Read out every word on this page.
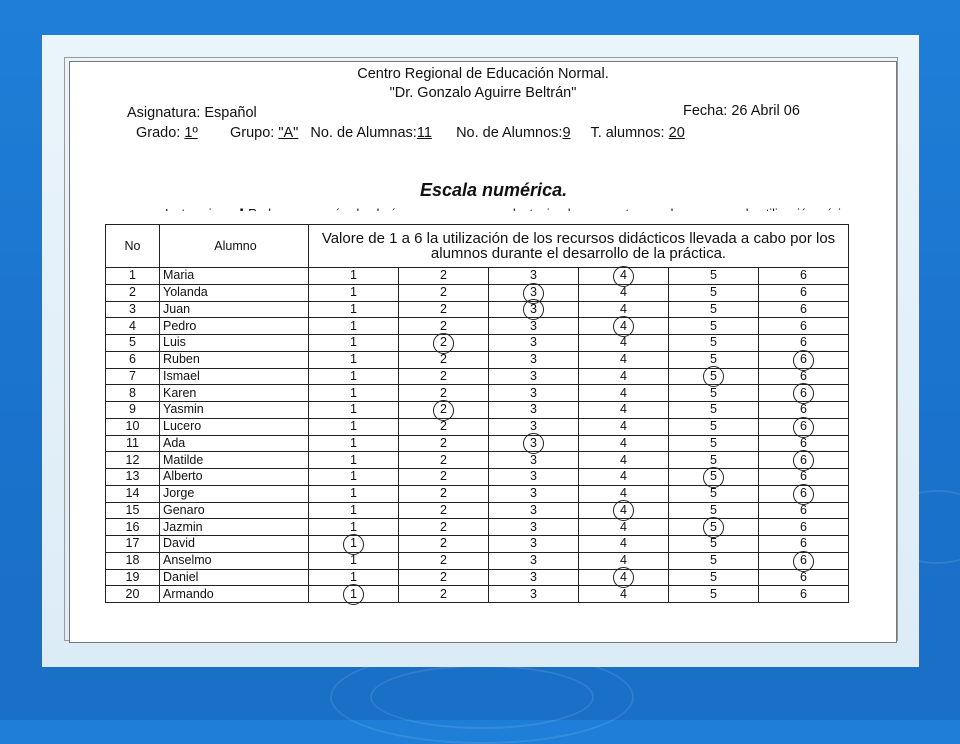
Centro Regional de Educación Normal.
"Dr. Gonzalo Aguirre Beltrán"
Asignatura: Español	Fecha: 26 Abril 06
Grado: 1º Grupo: "A" No. de Alumnas:11 No. de Alumnos:9 T. alumnos: 20
Escala numérica.
No	Alumno	Valore de 1 a 6 la utilización de los recursos didácticos llevada a cabo por los alumnos durante el desarrollo de la práctica.					
1	Maria	1	2	3	4	5	6
2	Yolanda	1	2	3	4	5	6
3	Juan	1	2	3	4	5	6
4	Pedro	1	2	3	4	5	6
5	Luis	1	2	3	4	5	6
6	Ruben	1	2	3	4	5	6
7	Ismael	1	2	3	4	5	6
8	Karen	1	2	3	4	5	6
9	Yasmin	1	2	3	4	5	6
10	Lucero	1	2	3	4	5	6
11	Ada	1	2	3	4	5	6
12	Matilde	1	2	3	4	5	6
13	Alberto	1	2	3	4	5	6
14	Jorge	1	2	3	4	5	6
15	Genaro	1	2	3	4	5	6
16	Jazmin	1	2	3	4	5	6
17	David	1	2	3	4	5	6
18	Anselmo	1	2	3	4	5	6
19	Daniel	1	2	3	4	5	6
20	Armando	1	2	3	4	5	6
